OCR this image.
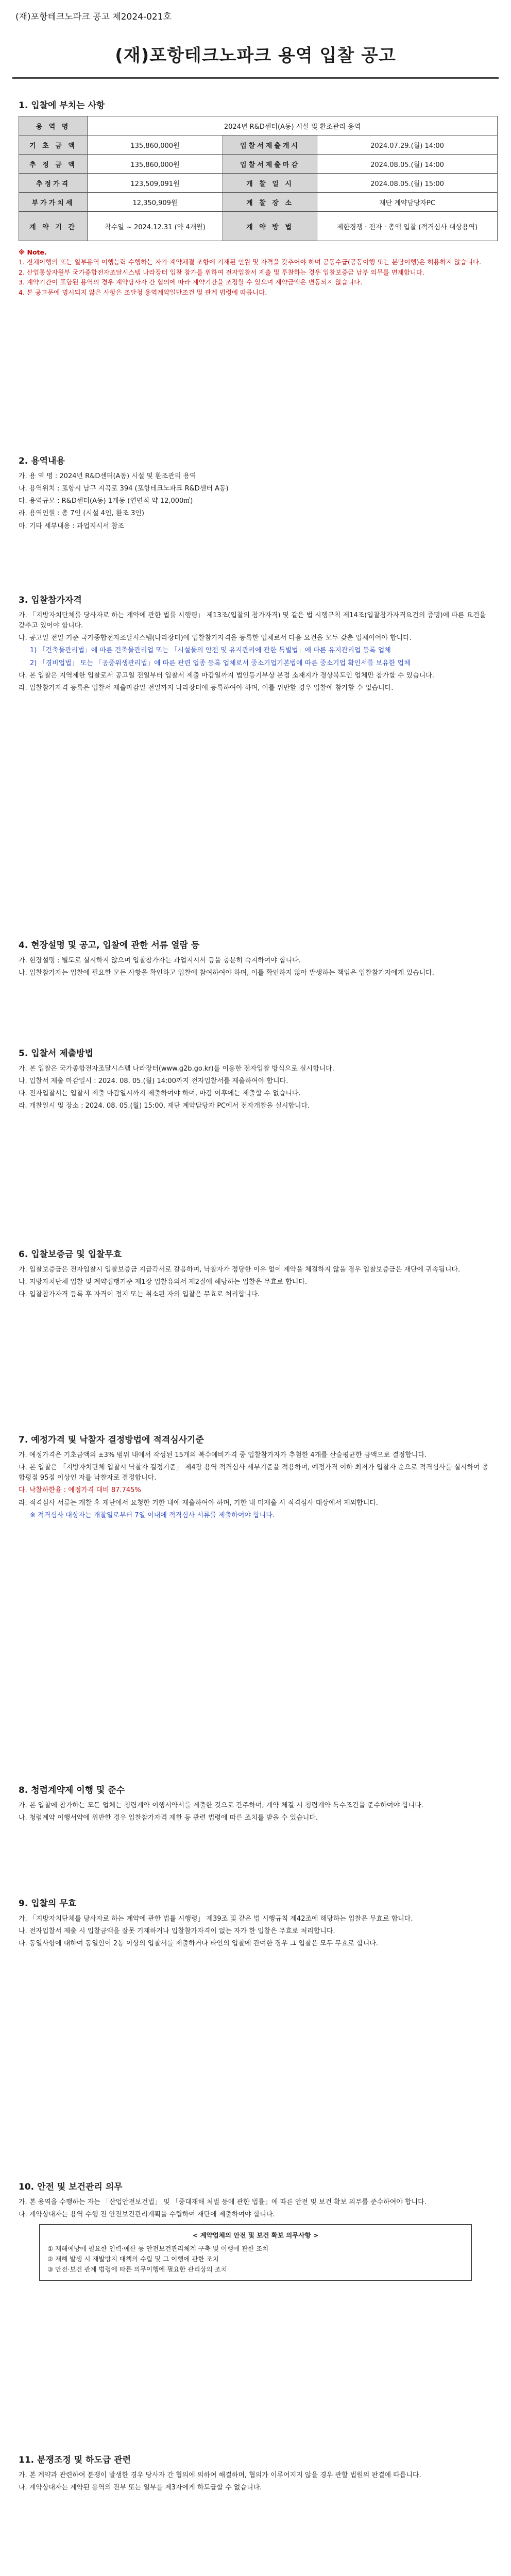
(재)포항테크노파크 공고 제2024-021호
(재)포항테크노파크 용역 입찰 공고
1. 입찰에 부치는 사항
용 역 명	2024년 R&D센터(A동) 시설 및 환조관리 용역		
기 초 금 액	135,860,000원	입찰서제출개시	2024.07.29.(월) 14:00
추 정 금 액	135,860,000원	입찰서제출마감	2024.08.05.(월) 14:00
추정가격	123,509,091원	개 찰 일 시	2024.08.05.(월) 15:00
부가가치세	12,350,909원	계 찰 장 소	재단 계약담당자PC
계 약 기 간	착수일 ~ 2024.12.31 (약 4개월)	계 약 방 법	제한경쟁 · 전자 · 총액 입찰 (적격심사 대상용역)
※ Note.
1. 전체이행의 또는 일부용역 이행능력 수행하는 자가 계약체결 조항에 기재된 인원 및 자격을 갖추어야 하며 공동수급(공동이행 또는 분담이행)은 허용하지 않습니다.
2. 산업통상자원부 국가종합전자조달시스템 나라장터 입찰 참가를 위하여 전자입찰서 제출 및 투찰하는 경우 입찰보증금 납부 의무를 면제합니다.
3. 계약기간이 포함된 용역의 경우 계약당사자 간 협의에 따라 계약기간을 조정할 수 있으며 계약금액은 변동되지 않습니다.
4. 본 공고문에 명시되지 않은 사항은 조달청 용역계약일반조건 및 관계 법령에 따릅니다.
2. 용역내용

가. 용 역 명 : 2024년 R&D센터(A동) 시설 및 환조관리 용역

나. 용역위치 : 포항시 남구 지곡로 394 (포항테크노파크 R&D센터 A동)

다. 용역규모 : R&D센터(A동) 1개동 (연면적 약 12,000㎡)

라. 용역인원 : 총 7인 (시설 4인, 환조 3인)

마. 기타 세부내용 : 과업지시서 참조

3. 입찰참가자격

가. 「지방자치단체를 당사자로 하는 계약에 관한 법률 시행령」 제13조(입찰의 참가자격) 및 같은 법 시행규칙 제14조(입찰참가자격요건의 증명)에 따른 요건을 갖추고 있어야 합니다.

나. 공고일 전일 기준 국가종합전자조달시스템(나라장터)에 입찰참가자격을 등록한 업체로서 다음 요건을 모두 갖춘 업체이어야 합니다.

1) 「건축물관리법」에 따른 건축물관리업 또는 「시설물의 안전 및 유지관리에 관한 특별법」에 따른 유지관리업 등록 업체

2) 「경비업법」 또는 「공중위생관리법」에 따른 관련 업종 등록 업체로서 중소기업기본법에 따른 중소기업 확인서를 보유한 업체

다. 본 입찰은 지역제한 입찰로서 공고일 전일부터 입찰서 제출 마감일까지 법인등기부상 본점 소재지가 경상북도인 업체만 참가할 수 있습니다.

라. 입찰참가자격 등록은 입찰서 제출마감일 전일까지 나라장터에 등록하여야 하며, 이를 위반할 경우 입찰에 참가할 수 없습니다.

4. 현장설명 및 공고, 입찰에 관한 서류 열람 등

가. 현장설명 : 별도로 실시하지 않으며 입찰참가자는 과업지시서 등을 충분히 숙지하여야 합니다.

나. 입찰참가자는 입찰에 필요한 모든 사항을 확인하고 입찰에 참여하여야 하며, 이를 확인하지 않아 발생하는 책임은 입찰참가자에게 있습니다.

5. 입찰서 제출방법

가. 본 입찰은 국가종합전자조달시스템 나라장터(www.g2b.go.kr)를 이용한 전자입찰 방식으로 실시합니다.

나. 입찰서 제출 마감일시 : 2024. 08. 05.(월) 14:00까지 전자입찰서를 제출하여야 합니다.

다. 전자입찰서는 입찰서 제출 마감일시까지 제출하여야 하며, 마감 이후에는 제출할 수 없습니다.

라. 개찰일시 및 장소 : 2024. 08. 05.(월) 15:00, 재단 계약담당자 PC에서 전자개찰을 실시합니다.

6. 입찰보증금 및 입찰무효

가. 입찰보증금은 전자입찰시 입찰보증금 지급각서로 갈음하며, 낙찰자가 정당한 이유 없이 계약을 체결하지 않을 경우 입찰보증금은 재단에 귀속됩니다.

나. 지방자치단체 입찰 및 계약집행기준 제1장 입찰유의서 제2절에 해당하는 입찰은 무효로 합니다.

다. 입찰참가자격 등록 후 자격이 정지 또는 취소된 자의 입찰은 무효로 처리합니다.

7. 예정가격 및 낙찰자 결정방법에 적격심사기준

가. 예정가격은 기초금액의 ±3% 범위 내에서 작성된 15개의 복수예비가격 중 입찰참가자가 추첨한 4개를 산술평균한 금액으로 결정합니다.

나. 본 입찰은 「지방자치단체 입찰시 낙찰자 결정기준」 제4장 용역 적격심사 세부기준을 적용하며, 예정가격 이하 최저가 입찰자 순으로 적격심사를 실시하여 종합평점 95점 이상인 자를 낙찰자로 결정합니다.

다. 낙찰하한율 : 예정가격 대비 87.745%

라. 적격심사 서류는 개찰 후 재단에서 요청한 기한 내에 제출하여야 하며, 기한 내 미제출 시 적격심사 대상에서 제외합니다.

※ 적격심사 대상자는 개찰일로부터 7일 이내에 적격심사 서류를 제출하여야 합니다.

8. 청렴계약제 이행 및 준수

가. 본 입찰에 참가하는 모든 업체는 청렴계약 이행서약서를 제출한 것으로 간주하며, 계약 체결 시 청렴계약 특수조건을 준수하여야 합니다.

나. 청렴계약 이행서약에 위반한 경우 입찰참가자격 제한 등 관련 법령에 따른 조치를 받을 수 있습니다.

9. 입찰의 무효

가. 「지방자치단체를 당사자로 하는 계약에 관한 법률 시행령」 제39조 및 같은 법 시행규칙 제42조에 해당하는 입찰은 무효로 합니다.

나. 전자입찰서 제출 시 입찰금액을 잘못 기재하거나 입찰참가자격이 없는 자가 한 입찰은 무효로 처리합니다.

다. 동일사항에 대하여 동일인이 2통 이상의 입찰서를 제출하거나 타인의 입찰에 관여한 경우 그 입찰은 모두 무효로 합니다.

10. 안전 및 보건관리 의무

가. 본 용역을 수행하는 자는 「산업안전보건법」 및 「중대재해 처벌 등에 관한 법률」에 따른 안전 및 보건 확보 의무를 준수하여야 합니다.

나. 계약상대자는 용역 수행 전 안전보건관리계획을 수립하여 재단에 제출하여야 합니다.

< 계약업체의 안전 및 보건 확보 의무사항 >
① 재해예방에 필요한 인력·예산 등 안전보건관리체계 구축 및 이행에 관한 조치
② 재해 발생 시 재발방지 대책의 수립 및 그 이행에 관한 조치
③ 안전·보건 관계 법령에 따른 의무이행에 필요한 관리상의 조치
11. 분쟁조정 및 하도급 관련

가. 본 계약과 관련하여 분쟁이 발생한 경우 당사자 간 협의에 의하여 해결하며, 협의가 이루어지지 않을 경우 관할 법원의 판결에 따릅니다.

나. 계약상대자는 계약된 용역의 전부 또는 일부를 제3자에게 하도급할 수 없습니다.
